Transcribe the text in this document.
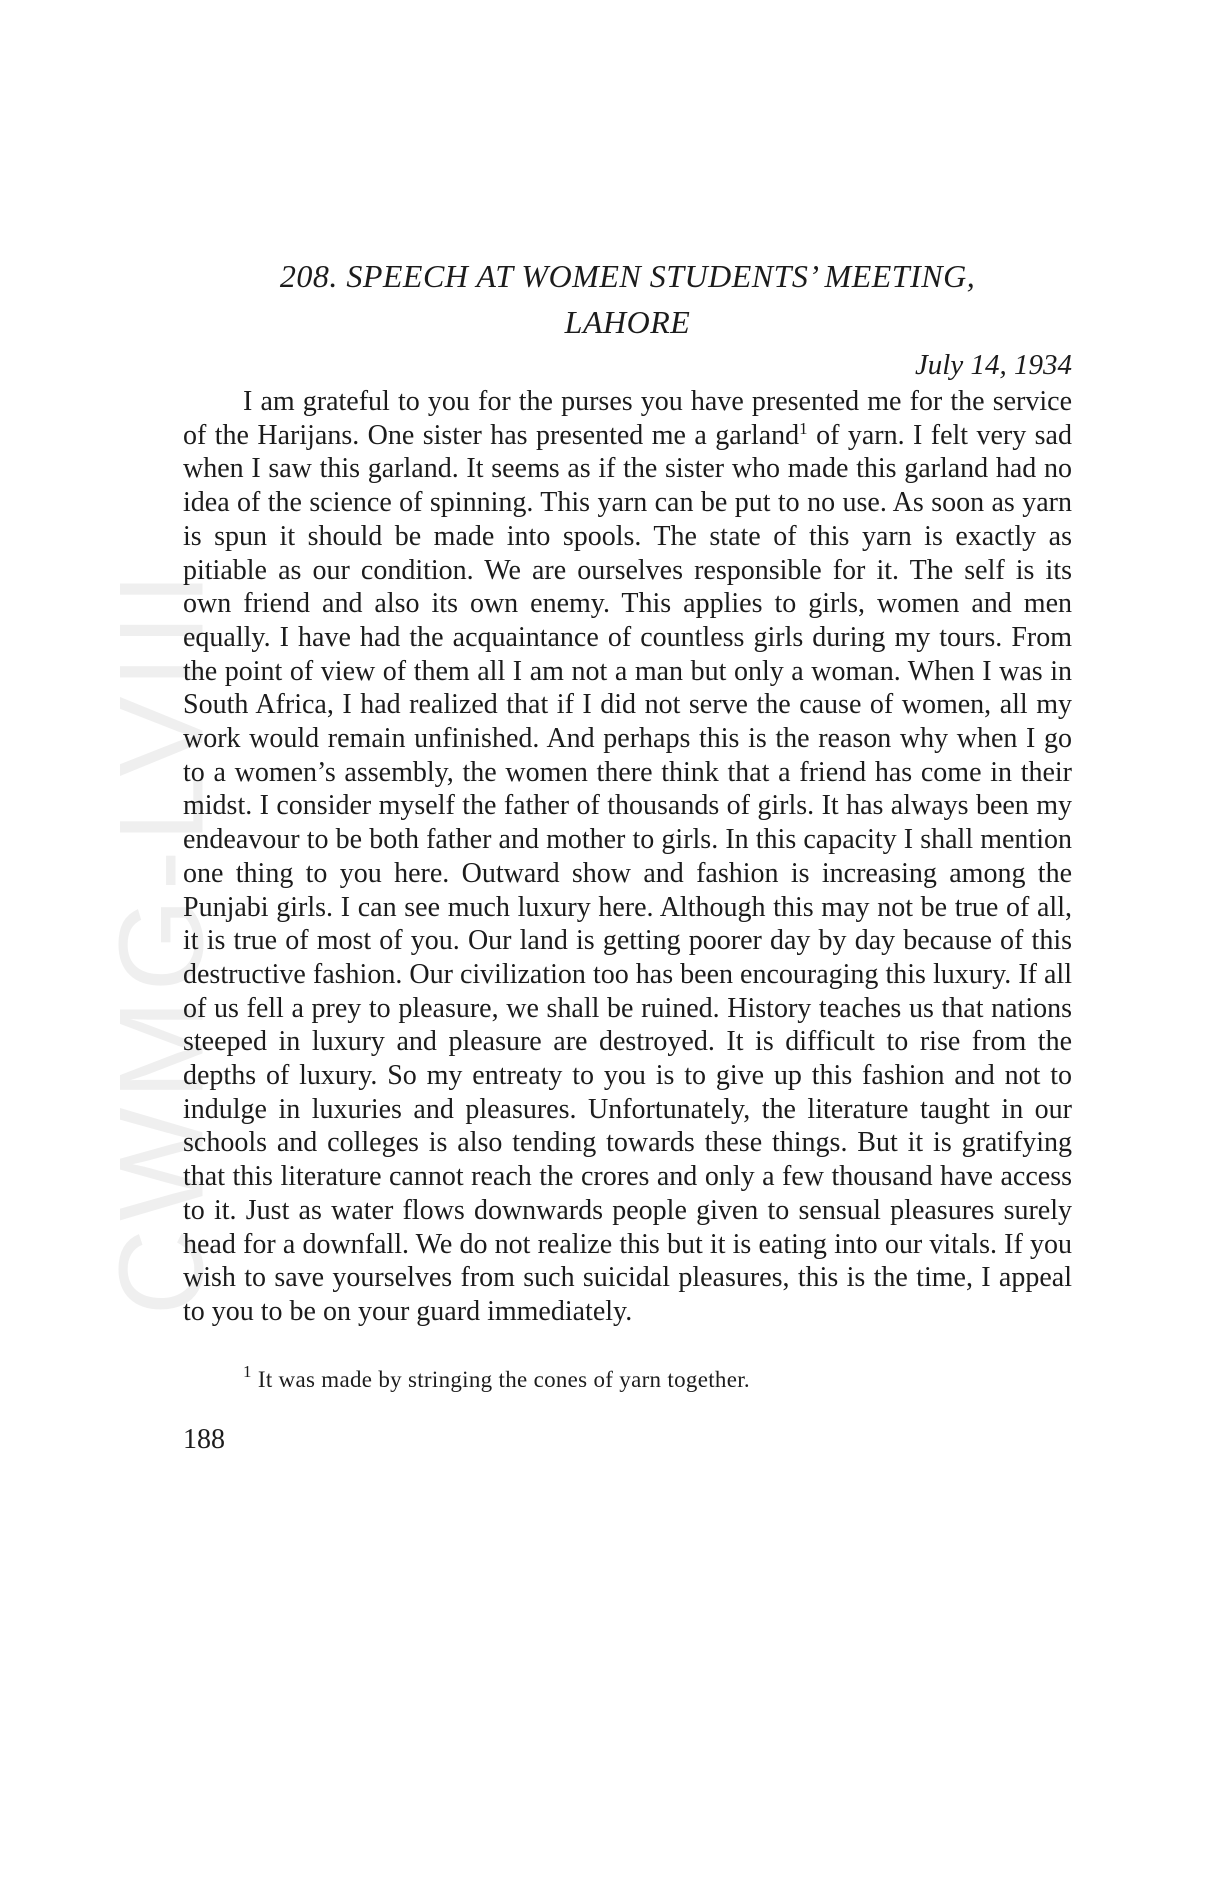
CWMG-LVIII
208. SPEECH AT WOMEN STUDENTS’ MEETING,
LAHORE
July 14, 1934

I am grateful to you for the purses you have presented me for the service of the Harijans. One sister has presented me a garland$^1$ of yarn. I felt very sad when I saw this garland. It seems as if the sister who made this garland had no idea of the science of spinning. This yarn can be put to no use. As soon as yarn is spun it should be made into spools. The state of this yarn is exactly as pitiable as our condition. We are ourselves responsible for it. The self is its own friend and also its own enemy. This applies to girls, women and men equally. I have had the acquaintance of countless girls during my tours. From the point of view of them all I am not a man but only a woman. When I was in South Africa, I had realized that if I did not serve the cause of women, all my work would remain unfinished. And perhaps this is the reason why when I go to a women’s assembly, the women there think that a friend has come in their midst. I consider myself the father of thousands of girls. It has always been my endeavour to be both father and mother to girls. In this capacity I shall mention one thing to you here. Outward show and fashion is increasing among the Punjabi girls. I can see much luxury here. Although this may not be true of all, it is true of most of you. Our land is getting poorer day by day because of this destructive fashion. Our civilization too has been encouraging this luxury. If all of us fell a prey to pleasure, we shall be ruined. History teaches us that nations steeped in luxury and pleasure are destroyed. It is difficult to rise from the depths of luxury. So my entreaty to you is to give up this fashion and not to indulge in luxuries and pleasures. Unfortunately, the literature taught in our schools and colleges is also tending towards these things. But it is gratifying that this literature cannot reach the crores and only a few thousand have access to it. Just as water flows downwards people given to sensual pleasures surely head for a downfall. We do not realize this but it is eating into our vitals. If you wish to save yourselves from such suicidal pleasures, this is the time, I appeal to you to be on your guard immediately.

$^1$ It was made by stringing the cones of yarn together.
188
